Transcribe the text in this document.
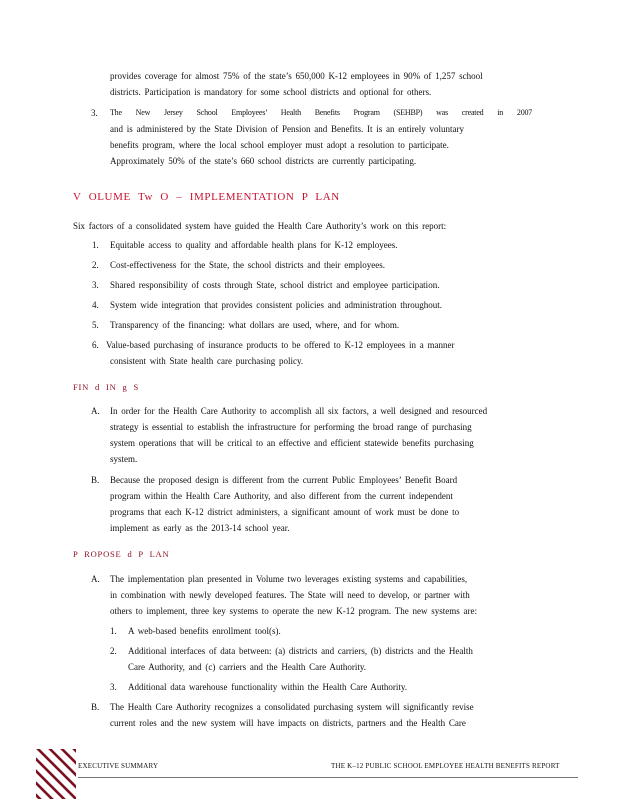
provides coverage for almost 75% of the state’s 650,000 K-12 employees in 90% of 1,257 school
districts. Participation is mandatory for some school districts and optional for others.
3. The New Jersey School Employees’ Health Benefits Program (SEHBP) was created in 2007
and is administered by the State Division of Pension and Benefits. It is an entirely voluntary
benefits program, where the local school employer must adopt a resolution to participate.
Approximately 50% of the state’s 660 school districts are currently participating.
V OLUME Tw O – IMPLEMENTATION P LAN
Six factors of a consolidated system have guided the Health Care Authority’s work on this report:
1. Equitable access to quality and affordable health plans for K-12 employees.
2. Cost-effectiveness for the State, the school districts and their employees.
3. Shared responsibility of costs through State, school district and employee participation.
4. System wide integration that provides consistent policies and administration throughout.
5. Transparency of the financing: what dollars are used, where, and for whom.
6. Value-based purchasing of insurance products to be offered to K-12 employees in a manner
consistent with State health care purchasing policy.
FIN d IN g S
A. In order for the Health Care Authority to accomplish all six factors, a well designed and resourced
strategy is essential to establish the infrastructure for performing the broad range of purchasing
system operations that will be critical to an effective and efficient statewide benefits purchasing
system.
B. Because the proposed design is different from the current Public Employees’ Benefit Board
program within the Health Care Authority, and also different from the current independent
programs that each K-12 district administers, a significant amount of work must be done to
implement as early as the 2013-14 school year.
P ROPOSE d P LAN
A. The implementation plan presented in Volume two leverages existing systems and capabilities,
in combination with newly developed features. The State will need to develop, or partner with
others to implement, three key systems to operate the new K-12 program. The new systems are:
1. A web-based benefits enrollment tool(s).
2. Additional interfaces of data between: (a) districts and carriers, (b) districts and the Health
Care Authority, and (c) carriers and the Health Care Authority.
3. Additional data warehouse functionality within the Health Care Authority.
B. The Health Care Authority recognizes a consolidated purchasing system will significantly revise
current roles and the new system will have impacts on districts, partners and the Health Care
EXECUTIVE SUMMARY	THE K–12 PUBLIC SCHOOL EMPLOYEE HEALTH BENEFITS REPORT
